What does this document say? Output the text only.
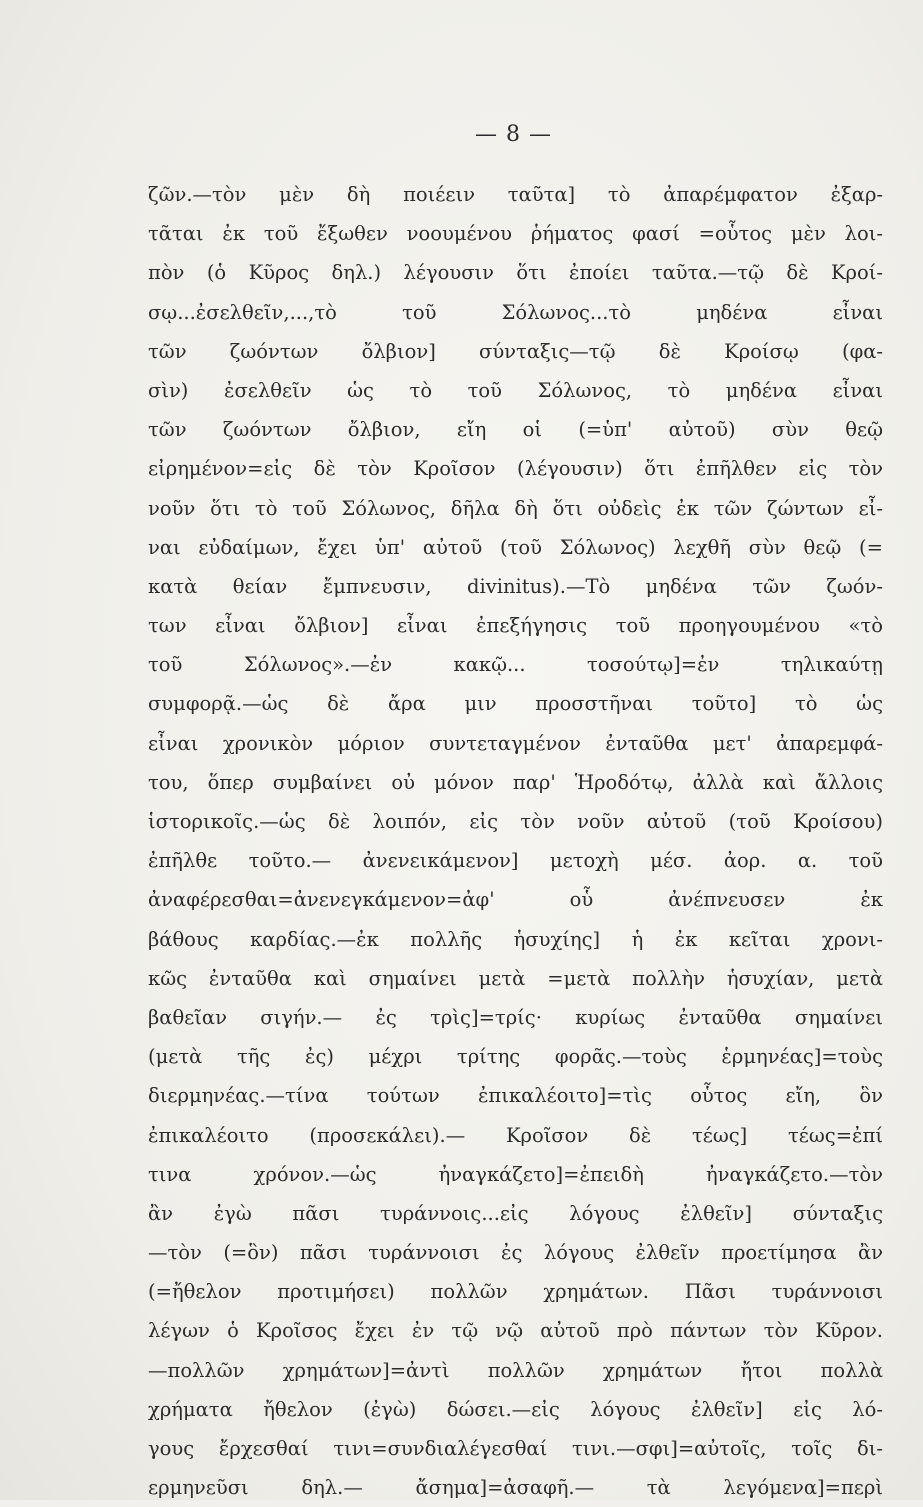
— 8 —
ζῶν.—τὸν μὲν δὴ ποιέειν ταῦτα] τὸ ἀπαρέμφατον ἐξαρ-
τᾶται ἐκ τοῦ ἔξωθεν νοουμένου ῥήματος φασί =οὗτος μὲν λοι-
πὸν (ὁ Κῦρος δηλ.) λέγουσιν ὅτι ἐποίει ταῦτα.—τῷ δὲ Κροί-
σῳ...ἐσελθεῖν,...,τὸ τοῦ Σόλωνος...τὸ μηδένα εἶναι
τῶν ζωόντων ὄλβιον] σύνταξις—τῷ δὲ Κροίσῳ (φα-
σὶν) ἐσελθεῖν ὡς τὸ τοῦ Σόλωνος, τὸ μηδένα εἶναι
τῶν ζωόντων ὄλβιον, εἴη οἱ (=ὑπ' αὐτοῦ) σὺν θεῷ
εἰρημένον=εἰς δὲ τὸν Κροῖσον (λέγουσιν) ὅτι ἐπῆλθεν εἰς τὸν
νοῦν ὅτι τὸ τοῦ Σόλωνος, δῆλα δὴ ὅτι οὐδεὶς ἐκ τῶν ζώντων εἶ-
ναι εὐδαίμων, ἔχει ὑπ' αὐτοῦ (τοῦ Σόλωνος) λεχθῆ σὺν θεῷ (=
κατὰ θείαν ἔμπνευσιν, divinitus).—Τὸ μηδένα τῶν ζωόν-
των εἶναι ὄλβιον] εἶναι ἐπεξήγησις τοῦ προηγουμένου «τὸ
τοῦ Σόλωνος».—ἐν κακῷ... τοσούτῳ]=ἐν τηλικαύτῃ
συμφορᾷ.—ὡς δὲ ἄρα μιν προσστῆναι τοῦτο] τὸ ὡς
εἶναι χρονικὸν μόριον συντεταγμένον ἐνταῦθα μετ' ἀπαρεμφά-
του, ὅπερ συμβαίνει οὐ μόνον παρ' Ἡροδότῳ, ἀλλὰ καὶ ἄλλοις
ἱστορικοῖς.—ὡς δὲ λοιπόν, εἰς τὸν νοῦν αὐτοῦ (τοῦ Κροίσου)
ἐπῆλθε τοῦτο.— ἀνενεικάμενον] μετοχὴ μέσ. ἀορ. α. τοῦ
ἀναφέρεσθαι=ἀνενεγκάμενον=ἀφ' οὗ ἀνέπνευσεν ἐκ
βάθους καρδίας.—ἐκ πολλῆς ἡσυχίης] ἡ ἐκ κεῖται χρονι-
κῶς ἐνταῦθα καὶ σημαίνει μετὰ =μετὰ πολλὴν ἡσυχίαν, μετὰ
βαθεῖαν σιγήν.— ἐς τρὶς]=τρίς· κυρίως ἐνταῦθα σημαίνει
(μετὰ τῆς ἐς) μέχρι τρίτης φορᾶς.—τοὺς ἑρμηνέας]=τοὺς
διερμηνέας.—τίνα τούτων ἐπικαλέοιτο]=τὶς οὗτος εἴη, ὃν
ἐπικαλέοιτο (προσεκάλει).— Κροῖσον δὲ τέως] τέως=ἐπί
τινα χρόνον.—ὡς ἠναγκάζετο]=ἐπειδὴ ἠναγκάζετο.—τὸν
ἂν ἐγὼ πᾶσι τυράννοις...εἰς λόγους ἐλθεῖν] σύνταξις
—τὸν (=ὃν) πᾶσι τυράννοισι ἐς λόγους ἐλθεῖν προετίμησα ἂν
(=ἤθελον προτιμήσει) πολλῶν χρημάτων. Πᾶσι τυράννοισι
λέγων ὁ Κροῖσος ἔχει ἐν τῷ νῷ αὐτοῦ πρὸ πάντων τὸν Κῦρον.
—πολλῶν χρημάτων]=ἀντὶ πολλῶν χρημάτων ἤτοι πολλὰ
χρήματα ἤθελον (ἐγὼ) δώσει.—εἰς λόγους ἐλθεῖν] εἰς λό-
γους ἔρχεσθαί τινι=συνδιαλέγεσθαί τινι.—σφι]=αὐτοῖς, τοῖς δι-
ερμηνεῦσι δηλ.— ἄσημα]=ἀσαφῆ.— τὰ λεγόμενα]=περὶ
